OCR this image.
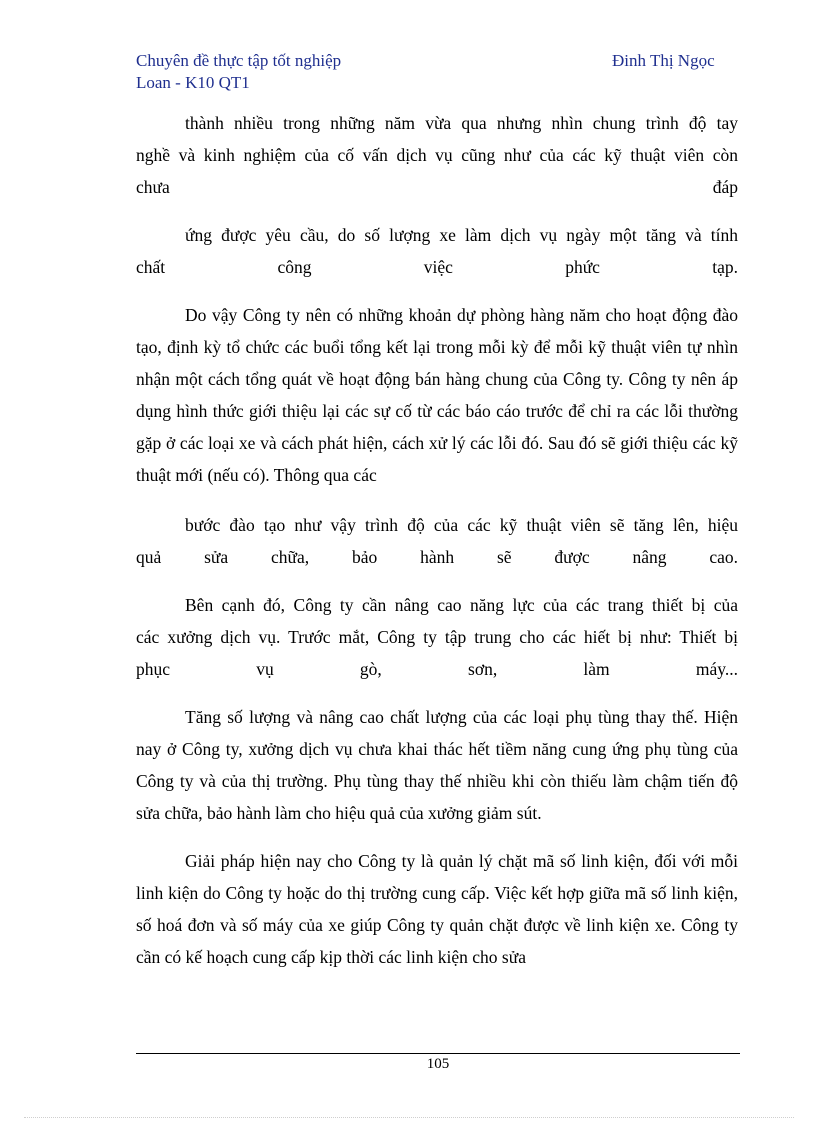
Chuyên đề thực tập tốt nghiệp	Đinh Thị Ngọc
Loan - K10 QT1
thành nhiều trong những năm vừa qua nhưng nhìn chung trình độ tay
nghề và kinh nghiệm của cố vấn dịch vụ cũng như của các kỹ thuật viên còn
chưa đáp
ứng được yêu cầu, do số lượng xe làm dịch vụ ngày một tăng và tính
chất công việc phức tạp.

Do vậy Công ty nên có những khoản dự phòng hàng năm cho hoạt động đào tạo, định kỳ tổ chức các buổi tổng kết lại trong mỗi kỳ để mỗi kỹ thuật viên tự nhìn nhận một cách tổng quát về hoạt động bán hàng chung của Công ty. Công ty nên áp dụng hình thức giới thiệu lại các sự cố từ các báo cáo trước để chỉ ra các lỗi thường gặp ở các loại xe và cách phát hiện, cách xử lý các lỗi đó. Sau đó sẽ giới thiệu các kỹ thuật mới (nếu có). Thông qua các

bước đào tạo như vậy trình độ của các kỹ thuật viên sẽ tăng lên, hiệu
quả sửa chữa, bảo hành sẽ được nâng cao.
Bên cạnh đó, Công ty cần nâng cao năng lực của các trang thiết bị của
các xưởng dịch vụ. Trước mắt, Công ty tập trung cho các hiết bị như: Thiết bị
phục vụ gò, sơn, làm máy...

Tăng số lượng và nâng cao chất lượng của các loại phụ tùng thay thế. Hiện nay ở Công ty, xưởng dịch vụ chưa khai thác hết tiềm năng cung ứng phụ tùng của Công ty và của thị trường. Phụ tùng thay thế nhiều khi còn thiếu làm chậm tiến độ sửa chữa, bảo hành làm cho hiệu quả của xưởng giảm sút.

Giải pháp hiện nay cho Công ty là quản lý chặt mã số linh kiện, đối với mỗi linh kiện do Công ty hoặc do thị trường cung cấp. Việc kết hợp giữa mã số linh kiện, số hoá đơn và số máy của xe giúp Công ty quản chặt được về linh kiện xe. Công ty cần có kế hoạch cung cấp kịp thời các linh kiện cho sửa

105
